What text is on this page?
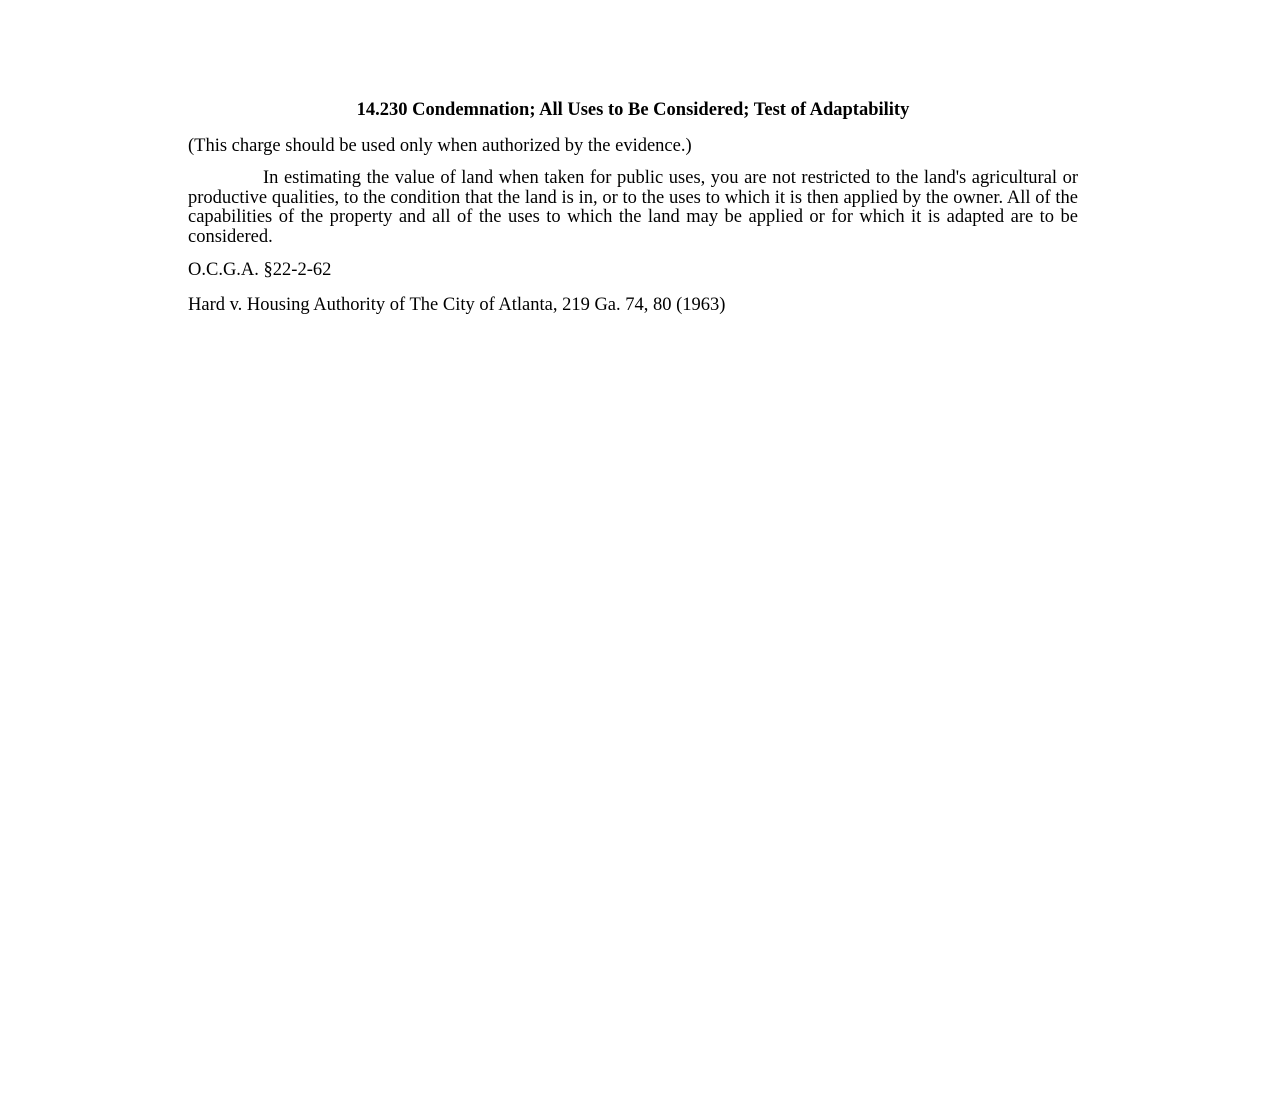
14.230 Condemnation; All Uses to Be Considered; Test of Adaptability
(This charge should be used only when authorized by the evidence.)
In estimating the value of land when taken for public uses, you are not restricted to the land's agricultural or productive qualities, to the condition that the land is in, or to the uses to which it is then applied by the owner. All of the capabilities of the property and all of the uses to which the land may be applied or for which it is adapted are to be considered.
O.C.G.A. §22-2-62
Hard v. Housing Authority of The City of Atlanta, 219 Ga. 74, 80 (1963)
